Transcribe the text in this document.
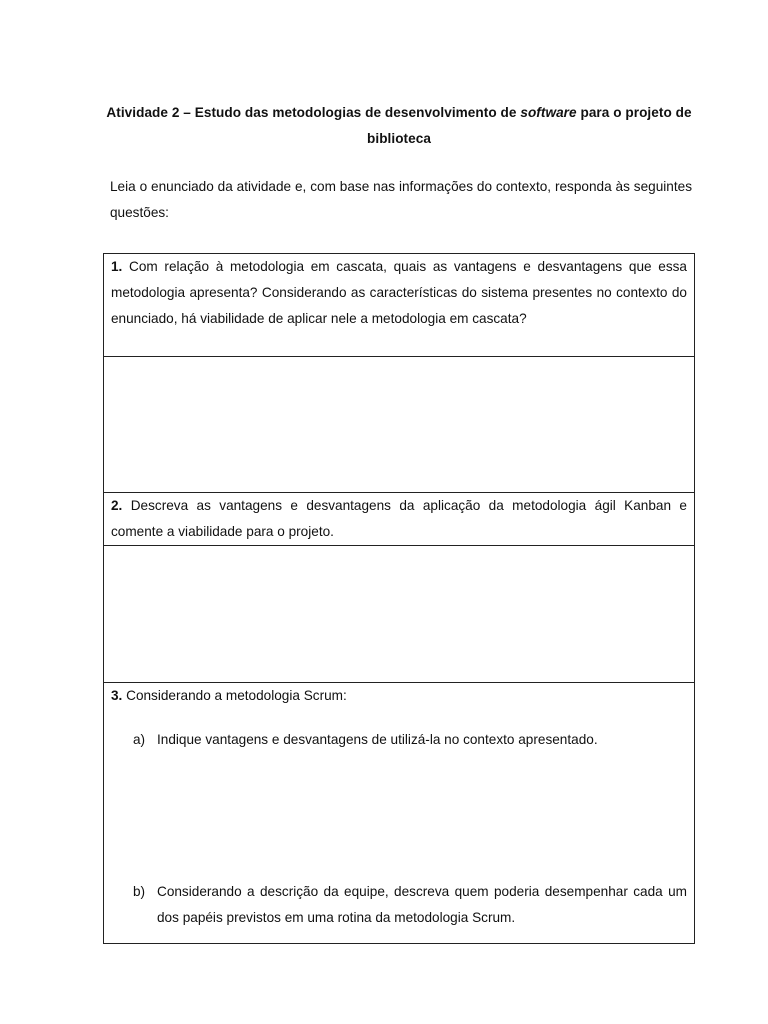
Atividade 2 – Estudo das metodologias de desenvolvimento de software para o projeto de biblioteca
Leia o enunciado da atividade e, com base nas informações do contexto, responda às seguintes questões:

1. Com relação à metodologia em cascata, quais as vantagens e desvantagens que essa metodologia apresenta? Considerando as características do sistema presentes no contexto do enunciado, há viabilidade de aplicar nele a metodologia em cascata?

2. Descreva as vantagens e desvantagens da aplicação da metodologia ágil Kanban e comente a viabilidade para o projeto.

3. Considerando a metodologia Scrum:

a) Indique vantagens e desvantagens de utilizá-la no contexto apresentado.

b) Considerando a descrição da equipe, descreva quem poderia desempenhar cada um dos papéis previstos em uma rotina da metodologia Scrum.
